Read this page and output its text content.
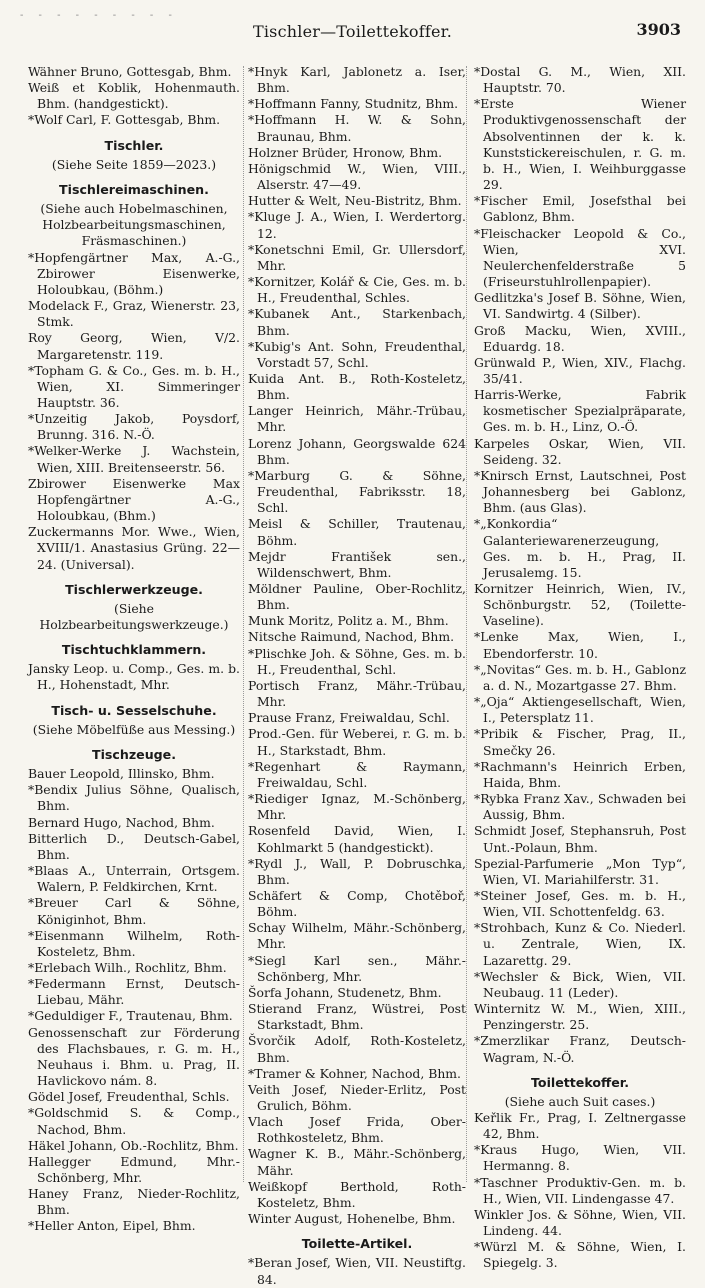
- - - - - - - - -
Tischler—Toilettekoffer.	3903
Wähner Bruno, Gottesgab, Bhm.
Weiß et Koblik, Hohenmauth. Bhm. (handgestickt).
*Wolf Carl, F. Gottesgab, Bhm.
Tischler.
(Siehe Seite 1859—2023.)
Tischlereimaschinen.
(Siehe auch Hobelmaschinen, Holzbearbeitungsmaschinen, Fräsmaschinen.)
*Hopfengärtner Max, A.-G., Zbirower Eisenwerke, Holoubkau, (Böhm.)
Modelack F., Graz, Wienerstr. 23, Stmk.
Roy Georg, Wien, V/2. Margaretenstr. 119.
*Topham G. & Co., Ges. m. b. H., Wien, XI. Simmeringer Hauptstr. 36.
*Unzeitig Jakob, Poysdorf, Brunng. 316. N.-Ö.
*Welker-Werke J. Wachstein, Wien, XIII. Breitenseerstr. 56.
Zbirower Eisenwerke Max Hopfengärtner A.-G., Holoubkau, (Bhm.)
Zuckermanns Mor. Wwe., Wien, XVIII/1. Anastasius Grüng. 22—24. (Universal).
Tischlerwerkzeuge.
(Siehe Holzbearbeitungswerkzeuge.)
Tischtuchklammern.
Jansky Leop. u. Comp., Ges. m. b. H., Hohenstadt, Mhr.
Tisch- u. Sesselschuhe.
(Siehe Möbelfüße aus Messing.)
Tischzeuge.
Bauer Leopold, Illinsko, Bhm.
*Bendix Julius Söhne, Qualisch, Bhm.
Bernard Hugo, Nachod, Bhm.
Bitterlich D., Deutsch-Gabel, Bhm.
*Blaas A., Unterrain, Ortsgem. Walern, P. Feldkirchen, Krnt.
*Breuer Carl & Söhne, Königinhot, Bhm.
*Eisenmann Wilhelm, Roth-Kosteletz, Bhm.
*Erlebach Wilh., Rochlitz, Bhm.
*Federmann Ernst, Deutsch-Liebau, Mähr.
*Geduldiger F., Trautenau, Bhm.
Genossenschaft zur Förderung des Flachsbaues, r. G. m. H., Neuhaus i. Bhm. u. Prag, II. Havlickovo nám. 8.
Gödel Josef, Freudenthal, Schls.
*Goldschmid S. & Comp., Nachod, Bhm.
Häkel Johann, Ob.-Rochlitz, Bhm.
Hallegger Edmund, Mhr.-Schönberg, Mhr.
Haney Franz, Nieder-Rochlitz, Bhm.
*Heller Anton, Eipel, Bhm.
*Hnyk Karl, Jablonetz a. Iser, Bhm.
*Hoffmann Fanny, Studnitz, Bhm.
*Hoffmann H. W. & Sohn, Braunau, Bhm.
Holzner Brüder, Hronow, Bhm.
Hönigschmid W., Wien, VIII., Alserstr. 47—49.
Hutter & Welt, Neu-Bistritz, Bhm.
*Kluge J. A., Wien, I. Werdertorg. 12.
*Konetschni Emil, Gr. Ullersdorf, Mhr.
*Kornitzer, Kolář & Cie, Ges. m. b. H., Freudenthal, Schles.
*Kubanek Ant., Starkenbach, Bhm.
*Kubig's Ant. Sohn, Freudenthal, Vorstadt 57, Schl.
Kuida Ant. B., Roth-Kosteletz, Bhm.
Langer Heinrich, Mähr.-Trübau, Mhr.
Lorenz Johann, Georgswalde 624 Bhm.
*Marburg G. & Söhne, Freudenthal, Fabriksstr. 18, Schl.
Meisl & Schiller, Trautenau, Böhm.
Mejdr František sen., Wildenschwert, Bhm.
Möldner Pauline, Ober-Rochlitz, Bhm.
Munk Moritz, Politz a. M., Bhm.
Nitsche Raimund, Nachod, Bhm.
*Plischke Joh. & Söhne, Ges. m. b. H., Freudenthal, Schl.
Portisch Franz, Mähr.-Trübau, Mhr.
Prause Franz, Freiwaldau, Schl.
Prod.-Gen. für Weberei, r. G. m. b. H., Starkstadt, Bhm.
*Regenhart & Raymann, Freiwaldau, Schl.
*Riediger Ignaz, M.-Schönberg, Mhr.
Rosenfeld David, Wien, I. Kohlmarkt 5 (handgestickt).
*Rydl J., Wall, P. Dobruschka, Bhm.
Schäfert & Comp, Chotěboř, Böhm.
Schay Wilhelm, Mähr.-Schönberg, Mhr.
*Siegl Karl sen., Mähr.-Schönberg, Mhr.
Šorfa Johann, Studenetz, Bhm.
Stierand Franz, Wüstrei, Post Starkstadt, Bhm.
Švorčik Adolf, Roth-Kosteletz, Bhm.
*Tramer & Kohner, Nachod, Bhm.
Veith Josef, Nieder-Erlitz, Post Grulich, Böhm.
Vlach Josef Frida, Ober-Rothkosteletz, Bhm.
Wagner K. B., Mähr.-Schönberg, Mähr.
Weißkopf Berthold, Roth-Kosteletz, Bhm.
Winter August, Hohenelbe, Bhm.
Toilette-Artikel.
*Beran Josef, Wien, VII. Neustiftg. 84.
*Dostal G. M., Wien, XII. Hauptstr. 70.
*Erste Wiener Produktivgenossenschaft der Absolventinnen der k. k. Kunststickereischulen, r. G. m. b. H., Wien, I. Weihburggasse 29.
*Fischer Emil, Josefsthal bei Gablonz, Bhm.
*Fleischacker Leopold & Co., Wien, XVI. Neulerchenfelderstraße 5 (Friseurstuhlrollenpapier).
Gedlitzka's Josef B. Söhne, Wien, VI. Sandwirtg. 4 (Silber).
Groß Macku, Wien, XVIII., Eduardg. 18.
Grünwald P., Wien, XIV., Flachg. 35/41.
Harris-Werke, Fabrik kosmetischer Spezialpräparate, Ges. m. b. H., Linz, O.-Ö.
Karpeles Oskar, Wien, VII. Seideng. 32.
*Knirsch Ernst, Lautschnei, Post Johannesberg bei Gablonz, Bhm. (aus Glas).
*„Konkordia“ Galanteriewarenerzeugung, Ges. m. b. H., Prag, II. Jerusalemg. 15.
Kornitzer Heinrich, Wien, IV., Schönburgstr. 52, (Toilette-Vaseline).
*Lenke Max, Wien, I., Ebendorferstr. 10.
*„Novitas“ Ges. m. b. H., Gablonz a. d. N., Mozartgasse 27. Bhm.
*„Oja“ Aktiengesellschaft, Wien, I., Petersplatz 11.
*Pribik & Fischer, Prag, II., Smečky 26.
*Rachmann's Heinrich Erben, Haida, Bhm.
*Rybka Franz Xav., Schwaden bei Aussig, Bhm.
Schmidt Josef, Stephansruh, Post Unt.-Polaun, Bhm.
Spezial-Parfumerie „Mon Typ“, Wien, VI. Mariahilferstr. 31.
*Steiner Josef, Ges. m. b. H., Wien, VII. Schottenfeldg. 63.
*Strohbach, Kunz & Co. Niederl. u. Zentrale, Wien, IX. Lazarettg. 29.
*Wechsler & Bick, Wien, VII. Neubaug. 11 (Leder).
Winternitz W. M., Wien, XIII., Penzingerstr. 25.
*Zmerzlikar Franz, Deutsch-Wagram, N.-Ö.
Toilettekoffer.
(Siehe auch Suit cases.)
Keřlik Fr., Prag, I. Zeltnergasse 42, Bhm.
*Kraus Hugo, Wien, VII. Hermanng. 8.
*Taschner Produktiv-Gen. m. b. H., Wien, VII. Lindengasse 47.
Winkler Jos. & Söhne, Wien, VII. Lindeng. 44.
*Würzl M. & Söhne, Wien, I. Spiegelg. 3.
